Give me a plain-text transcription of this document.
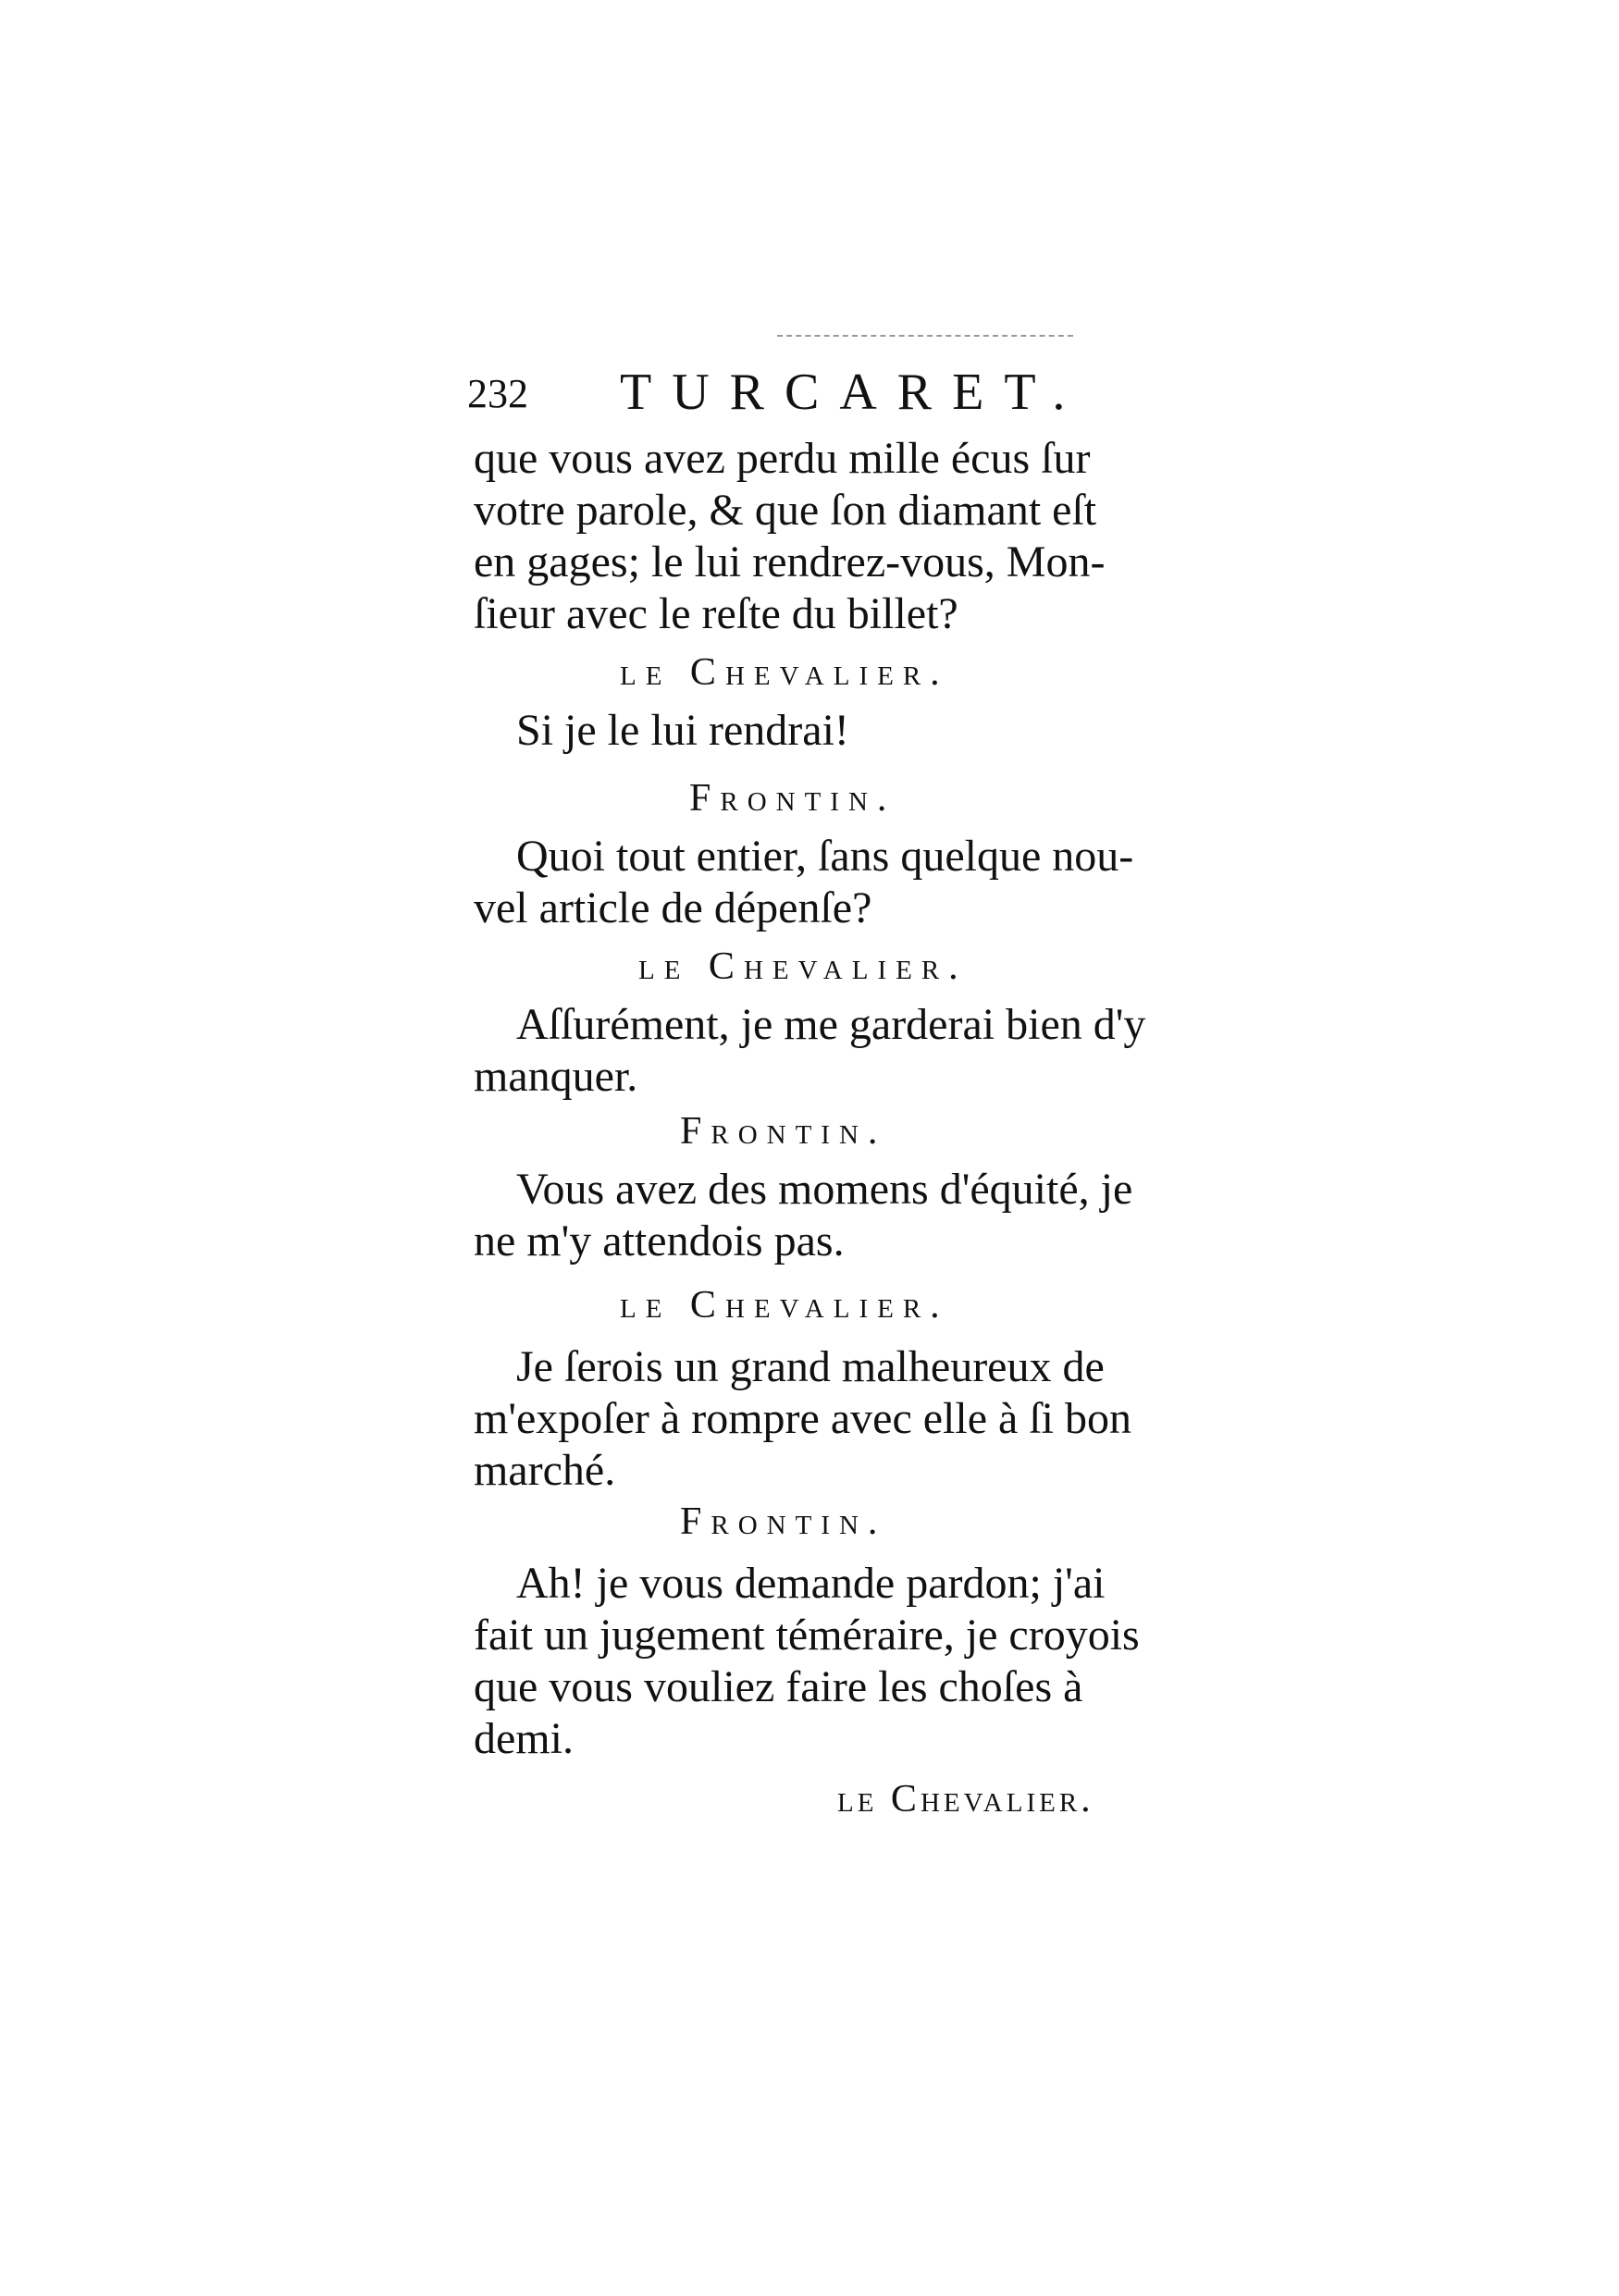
232 TURCARET.
que vous avez perdu mille écus ſur
votre parole, & que ſon diamant eſt
en gages; le lui rendrez-vous, Mon-
ſieur avec le reſte du billet?
le Chevalier.
Si je le lui rendrai!
Frontin.
Quoi tout entier, ſans quelque nou-
vel article de dépenſe?
le Chevalier.
Aſſurément, je me garderai bien d'y
manquer.
Frontin.
Vous avez des momens d'équité, je
ne m'y attendois pas.
le Chevalier.
Je ſerois un grand malheureux de
m'expoſer à rompre avec elle à ſi bon
marché.
Frontin.
Ah! je vous demande pardon; j'ai
fait un jugement téméraire, je croyois
que vous vouliez faire les choſes à
demi.
le Chevalier.
